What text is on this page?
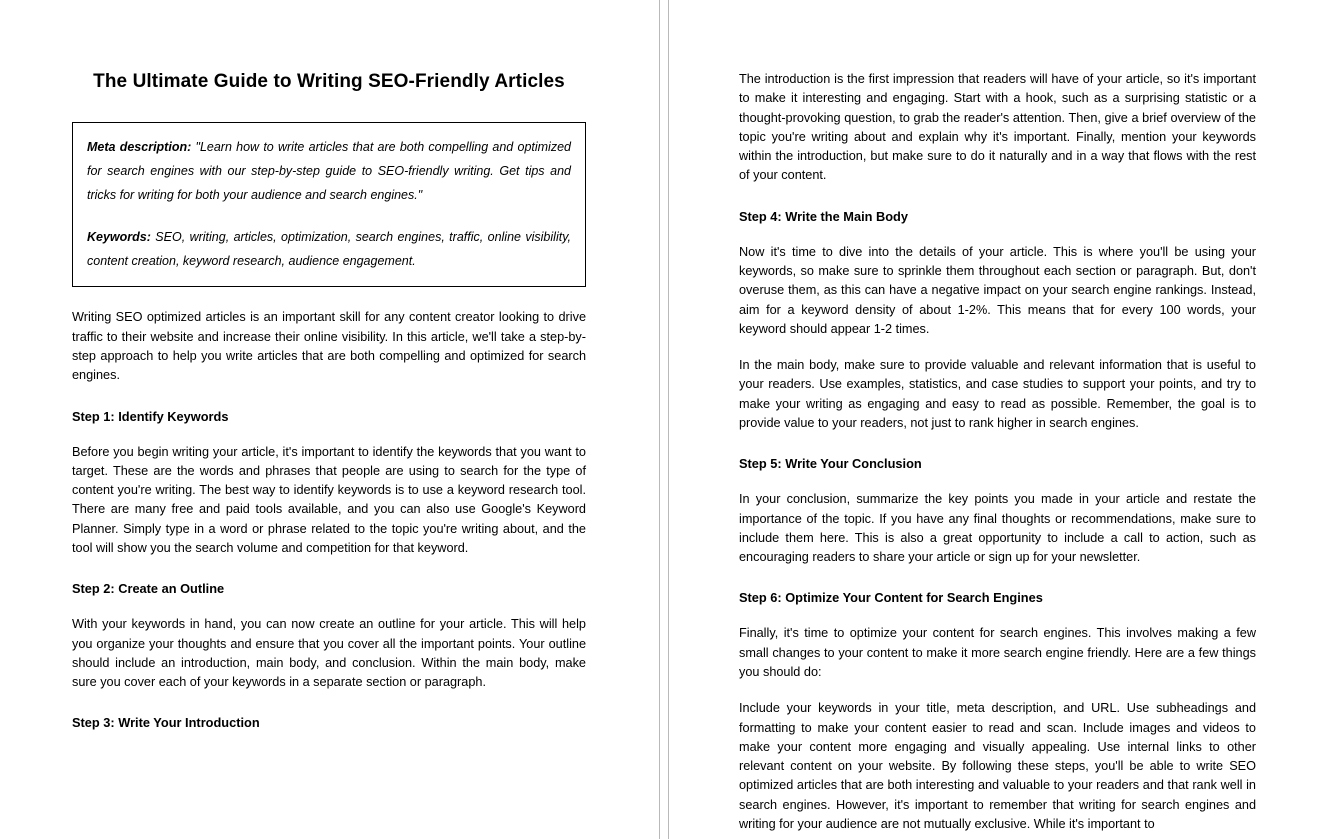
The Ultimate Guide to Writing SEO-Friendly Articles

Meta description: "Learn how to write articles that are both compelling and optimized for search engines with our step-by-step guide to SEO-friendly writing. Get tips and tricks for writing for both your audience and search engines."

Keywords: SEO, writing, articles, optimization, search engines, traffic, online visibility, content creation, keyword research, audience engagement.

Writing SEO optimized articles is an important skill for any content creator looking to drive traffic to their website and increase their online visibility. In this article, we'll take a step-by-step approach to help you write articles that are both compelling and optimized for search engines.

Step 1: Identify Keywords

Before you begin writing your article, it's important to identify the keywords that you want to target. These are the words and phrases that people are using to search for the type of content you're writing. The best way to identify keywords is to use a keyword research tool. There are many free and paid tools available, and you can also use Google's Keyword Planner. Simply type in a word or phrase related to the topic you're writing about, and the tool will show you the search volume and competition for that keyword.

Step 2: Create an Outline

With your keywords in hand, you can now create an outline for your article. This will help you organize your thoughts and ensure that you cover all the important points. Your outline should include an introduction, main body, and conclusion. Within the main body, make sure you cover each of your keywords in a separate section or paragraph.

Step 3: Write Your Introduction

The introduction is the first impression that readers will have of your article, so it's important to make it interesting and engaging. Start with a hook, such as a surprising statistic or a thought-provoking question, to grab the reader's attention. Then, give a brief overview of the topic you're writing about and explain why it's important. Finally, mention your keywords within the introduction, but make sure to do it naturally and in a way that flows with the rest of your content.

Step 4: Write the Main Body

Now it's time to dive into the details of your article. This is where you'll be using your keywords, so make sure to sprinkle them throughout each section or paragraph. But, don't overuse them, as this can have a negative impact on your search engine rankings. Instead, aim for a keyword density of about 1-2%. This means that for every 100 words, your keyword should appear 1-2 times.

In the main body, make sure to provide valuable and relevant information that is useful to your readers. Use examples, statistics, and case studies to support your points, and try to make your writing as engaging and easy to read as possible. Remember, the goal is to provide value to your readers, not just to rank higher in search engines.

Step 5: Write Your Conclusion

In your conclusion, summarize the key points you made in your article and restate the importance of the topic. If you have any final thoughts or recommendations, make sure to include them here. This is also a great opportunity to include a call to action, such as encouraging readers to share your article or sign up for your newsletter.

Step 6: Optimize Your Content for Search Engines

Finally, it's time to optimize your content for search engines. This involves making a few small changes to your content to make it more search engine friendly. Here are a few things you should do:

Include your keywords in your title, meta description, and URL. Use subheadings and formatting to make your content easier to read and scan. Include images and videos to make your content more engaging and visually appealing. Use internal links to other relevant content on your website. By following these steps, you'll be able to write SEO optimized articles that are both interesting and valuable to your readers and that rank well in search engines. However, it's important to remember that writing for search engines and writing for your audience are not mutually exclusive. While it's important to
